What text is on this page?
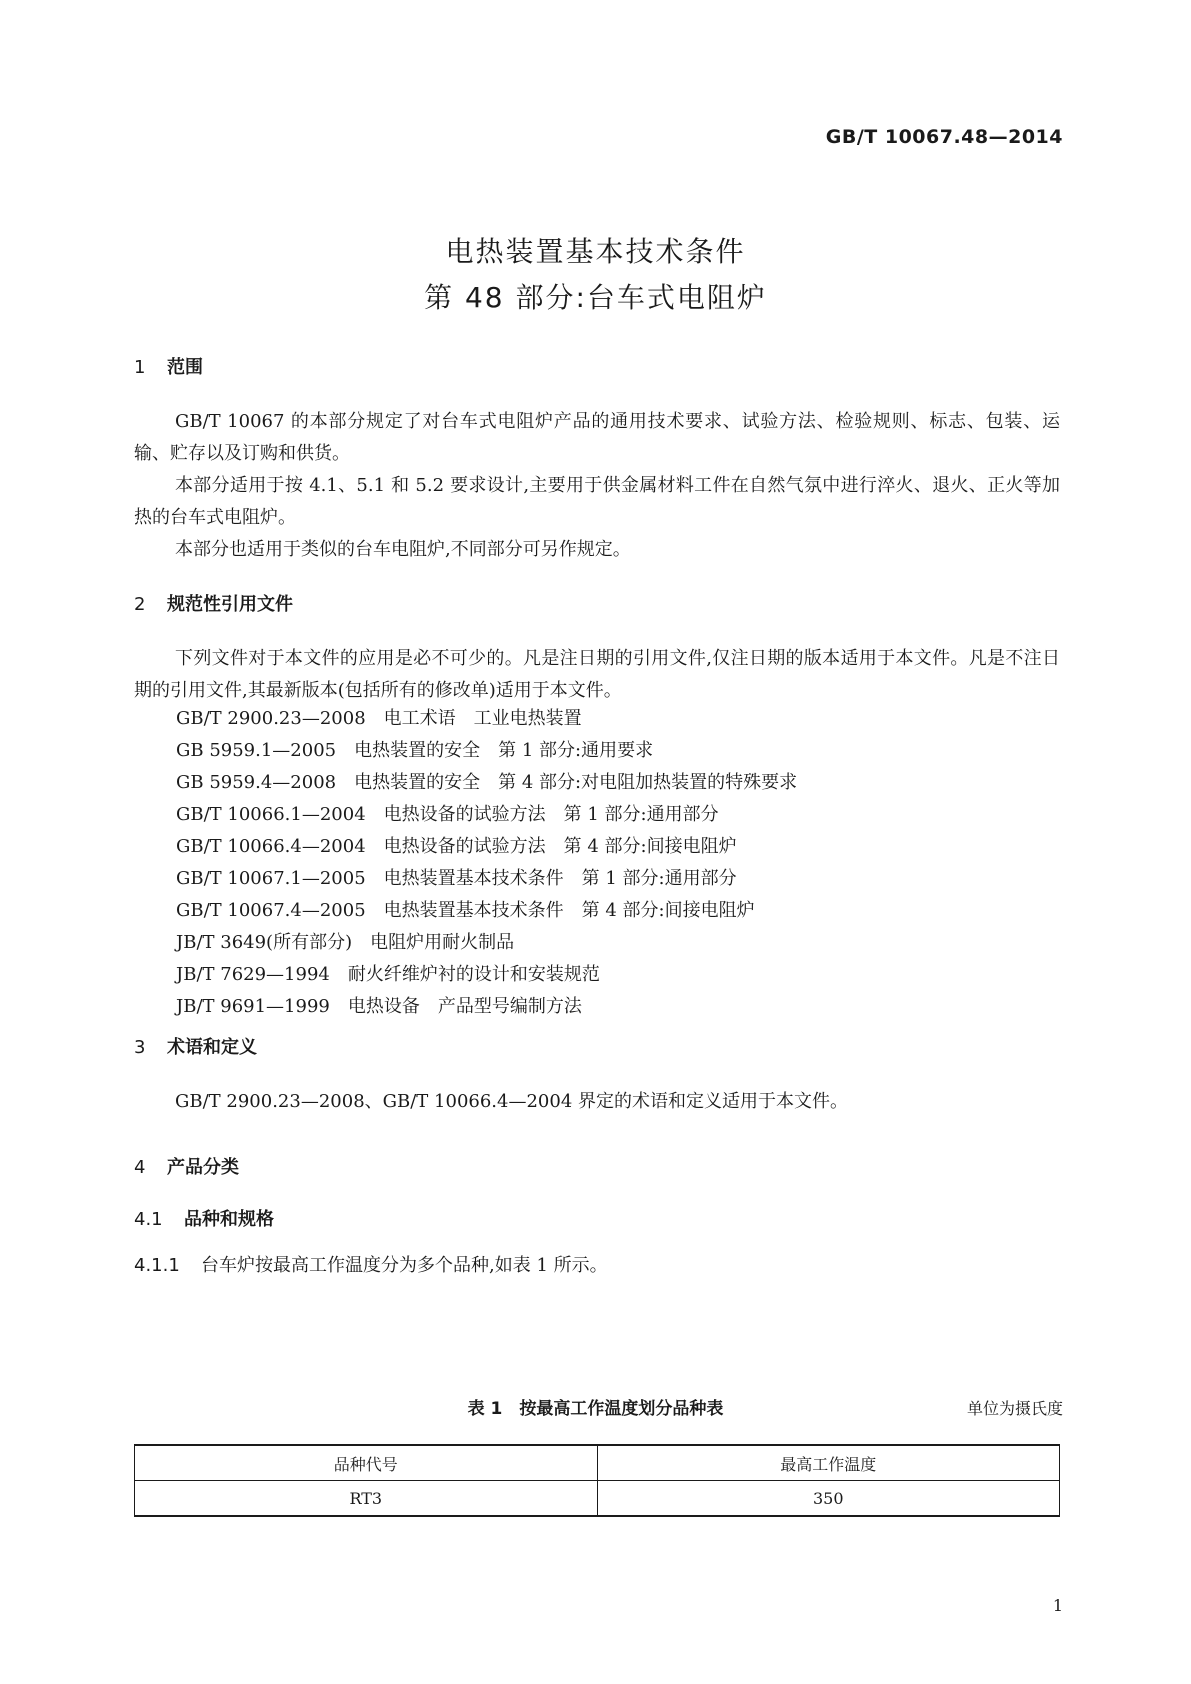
GB/T 10067.48—2014
电热装置基本技术条件
第 48 部分:台车式电阻炉
1 范围
GB/T 10067 的本部分规定了对台车式电阻炉产品的通用技术要求、试验方法、检验规则、标志、包装、运输、贮存以及订购和供货。
本部分适用于按 4.1、5.1 和 5.2 要求设计,主要用于供金属材料工件在自然气氛中进行淬火、退火、正火等加热的台车式电阻炉。
本部分也适用于类似的台车电阻炉,不同部分可另作规定。
2 规范性引用文件
下列文件对于本文件的应用是必不可少的。凡是注日期的引用文件,仅注日期的版本适用于本文件。凡是不注日期的引用文件,其最新版本(包括所有的修改单)适用于本文件。
GB/T 2900.23—2008　电工术语　工业电热装置
GB 5959.1—2005　电热装置的安全　第 1 部分:通用要求
GB 5959.4—2008　电热装置的安全　第 4 部分:对电阻加热装置的特殊要求
GB/T 10066.1—2004　电热设备的试验方法　第 1 部分:通用部分
GB/T 10066.4—2004　电热设备的试验方法　第 4 部分:间接电阻炉
GB/T 10067.1—2005　电热装置基本技术条件　第 1 部分:通用部分
GB/T 10067.4—2005　电热装置基本技术条件　第 4 部分:间接电阻炉
JB/T 3649(所有部分)　电阻炉用耐火制品
JB/T 7629—1994　耐火纤维炉衬的设计和安装规范
JB/T 9691—1999　电热设备　产品型号编制方法
3 术语和定义
GB/T 2900.23—2008、GB/T 10066.4—2004 界定的术语和定义适用于本文件。
4 产品分类
4.1 品种和规格
4.1.1 台车炉按最高工作温度分为多个品种,如表 1 所示。
表 1　按最高工作温度划分品种表	单位为摄氏度
品种代号	最高工作温度
RT3	350
1
